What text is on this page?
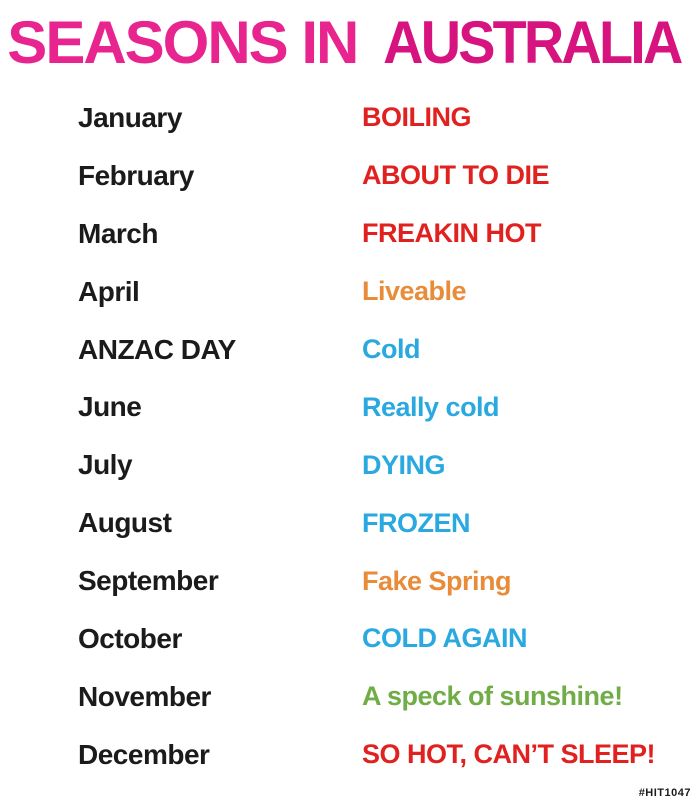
SEASONS IN AUSTRALIA
January	BOILING
February	ABOUT TO DIE
March	FREAKIN HOT
April	Liveable
ANZAC DAY	Cold
June	Really cold
July	DYING
August	FROZEN
September	Fake Spring
October	COLD AGAIN
November	A speck of sunshine!
December	SO HOT, CAN’T SLEEP!
#HIT1047
